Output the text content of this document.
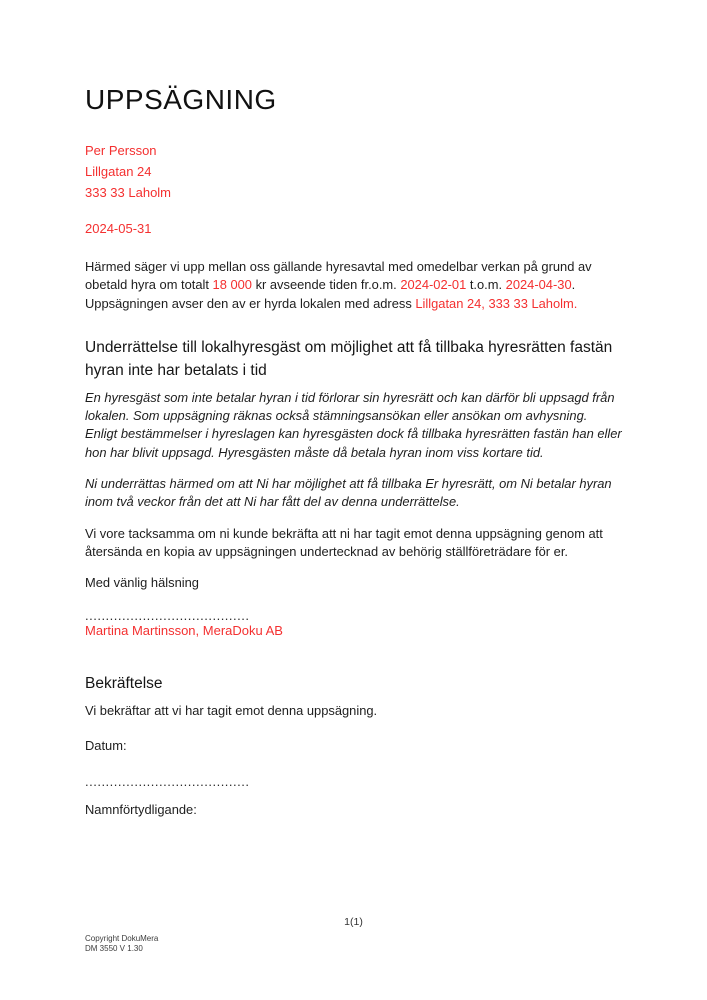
UPPSÄGNING
Per Persson
Lillgatan 24
333 33 Laholm
2024-05-31

Härmed säger vi upp mellan oss gällande hyresavtal med omedelbar verkan på grund av obetald hyra om totalt 18 000 kr avseende tiden fr.o.m. 2024-02-01 t.o.m. 2024-04-30. Uppsägningen avser den av er hyrda lokalen med adress Lillgatan 24, 333 33 Laholm.

Underrättelse till lokalhyresgäst om möjlighet att få tillbaka hyresrätten fastän hyran inte har betalats i tid

En hyresgäst som inte betalar hyran i tid förlorar sin hyresrätt och kan därför bli uppsagd från lokalen. Som uppsägning räknas också stämningsansökan eller ansökan om avhysning. Enligt bestämmelser i hyreslagen kan hyresgästen dock få tillbaka hyresrätten fastän han eller hon har blivit uppsagd. Hyresgästen måste då betala hyran inom viss kortare tid.

Ni underrättas härmed om att Ni har möjlighet att få tillbaka Er hyresrätt, om Ni betalar hyran inom två veckor från det att Ni har fått del av denna underrättelse.

Vi vore tacksamma om ni kunde bekräfta att ni har tagit emot denna uppsägning genom att återsända en kopia av uppsägningen undertecknad av behörig ställföreträdare för er.

Med vänlig hälsning

........................................
Martina Martinsson, MeraDoku AB
Bekräftelse

Vi bekräftar att vi har tagit emot denna uppsägning.

Datum:

........................................

Namnförtydligande:

1(1)
Copyright DokuMera
DM 3550 V 1.30
